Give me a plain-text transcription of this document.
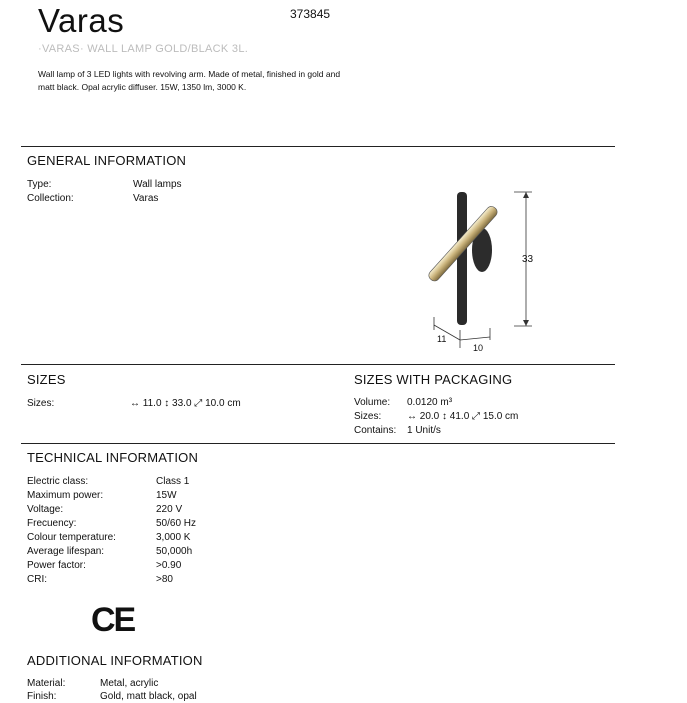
Varas	373845
·VARAS· WALL LAMP GOLD/BLACK 3L.
Wall lamp of 3 LED lights with revolving arm. Made of metal, finished in gold and matt black. Opal acrylic diffuser. 15W, 1350 lm, 3000 K.
GENERAL INFORMATION
Type:	Wall lamps
Collection:	Varas
33
11
10
SIZES
Sizes:	↔ 11.0 ↕ 33.0 ⤢ 10.0 cm
SIZES WITH PACKAGING
Volume: 0.0120 m³
Sizes:	↔ 20.0 ↕ 41.0 ⤢ 15.0 cm
Contains: 1 Unit/s
TECHNICAL INFORMATION
Electric class:	Class 1
Maximum power:	15W
Voltage:	220 V
Frecuency:	50/60 Hz
Colour temperature:	3,000 K
Average lifespan:	50,000h
Power factor:	>0.90
CRI:	>80
CE
ADDITIONAL INFORMATION
Material:	Metal, acrylic
Finish:	Gold, matt black, opal
